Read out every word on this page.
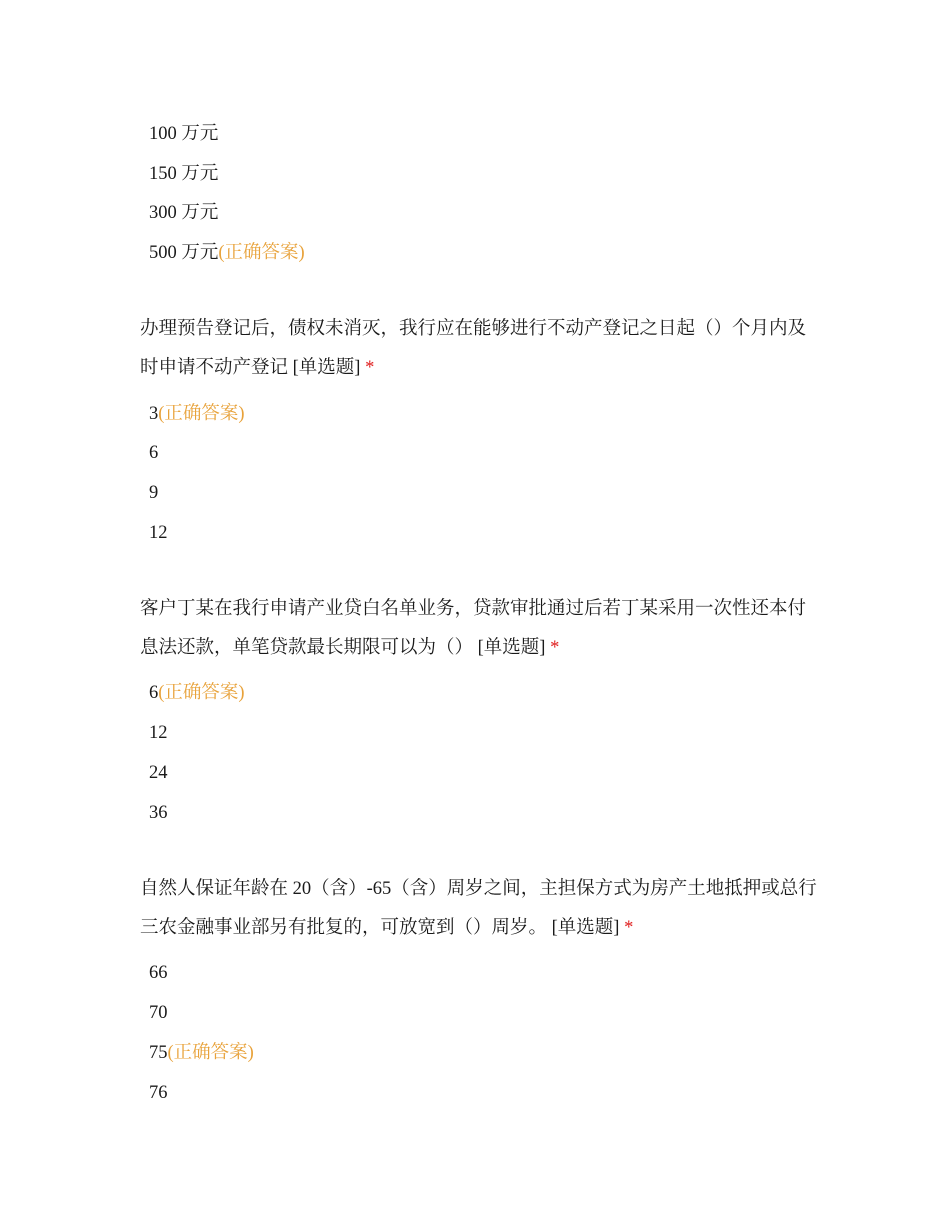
100 万元
150 万元
300 万元
500 万元(正确答案)
办理预告登记后，债权未消灭，我行应在能够进行不动产登记之日起（）个月内及时申请不动产登记 [单选题] *
3(正确答案)
6
9
12
客户丁某在我行申请产业贷白名单业务，贷款审批通过后若丁某采用一次性还本付息法还款，单笔贷款最长期限可以为（） [单选题] *
6(正确答案)
12
24
36
自然人保证年龄在 20（含）-65（含）周岁之间，主担保方式为房产土地抵押或总行三农金融事业部另有批复的，可放宽到（）周岁。 [单选题] *
66
70
75(正确答案)
76
